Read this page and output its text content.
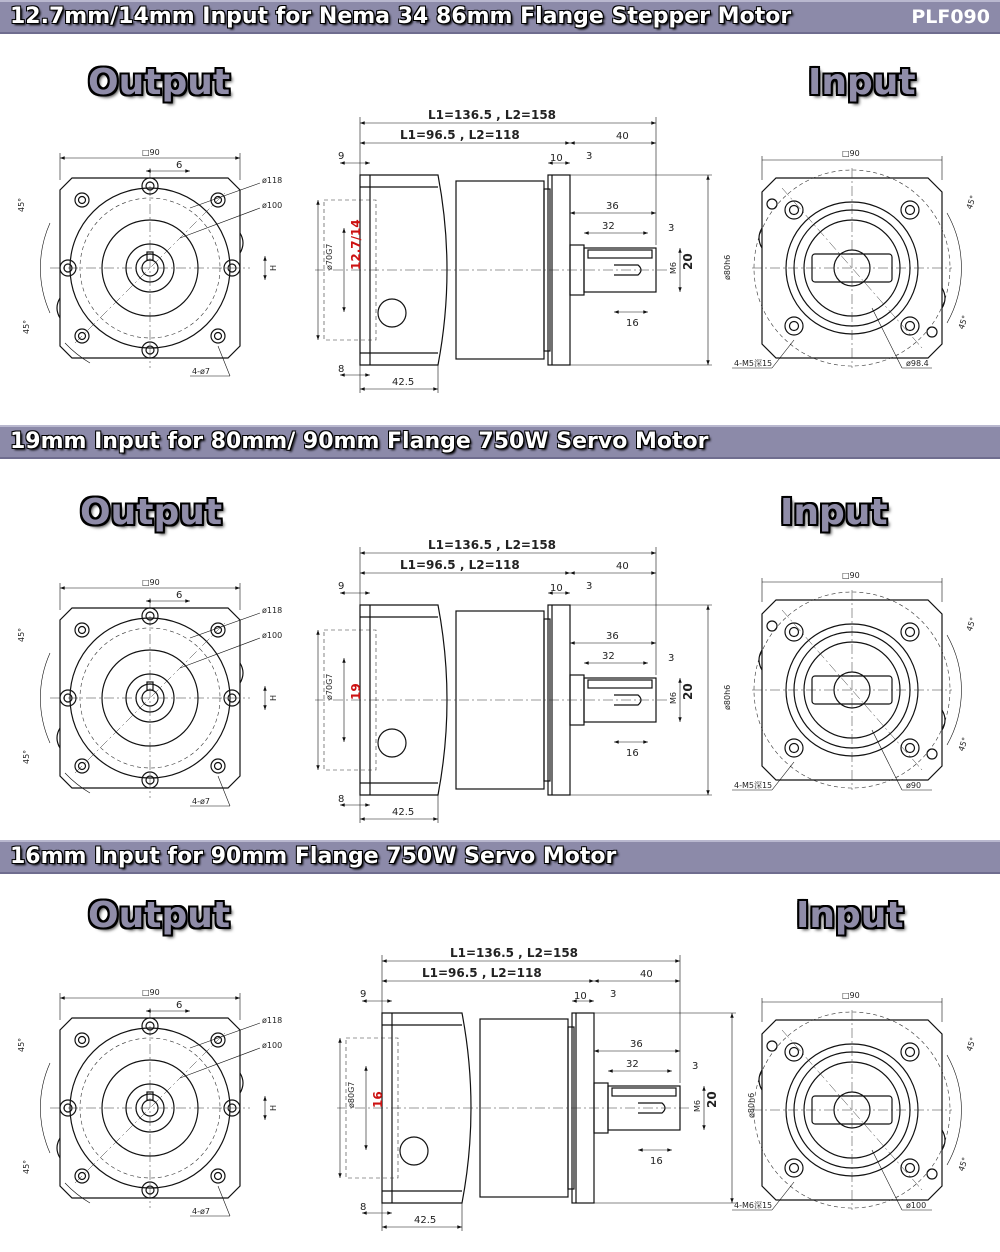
12.7mm/14mm Input for Nema 34 86mm Flange Stepper Motor	PLF090
Output	Input
19mm Input for 80mm/ 90mm Flange 750W Servo Motor
Output	Input
16mm Input for 90mm Flange 750W Servo Motor
Output	Input
□90
6
ø118
ø100
H
45°
45°
4-ø7
L1=136.5 , L2=158
L1=96.5 , L2=118	40
9	10 3
36
32	3
16
20
M6	ø80h6
ø70G7 12.7/14
8
42.5
□90
45°
45°
4-M5深15	ø98.4
□90
6
ø118
ø100
H
45°
45°
4-ø7
L1=136.5 , L2=158
L1=96.5 , L2=118	40
9	10 3
36
32	3
16
20
M6	ø80h6
ø70G7 19
8
42.5
□90
45°
45°
4-M5深15	ø90
□90
6
ø118
ø100
H
45°
45°
4-ø7
L1=136.5 , L2=158
L1=96.5 , L2=118	40
9	10 3
36
32	3
16
20
M6	ø80h6
ø80G7 16
8
42.5
□90
45°
45°
4-M6深15	ø100
